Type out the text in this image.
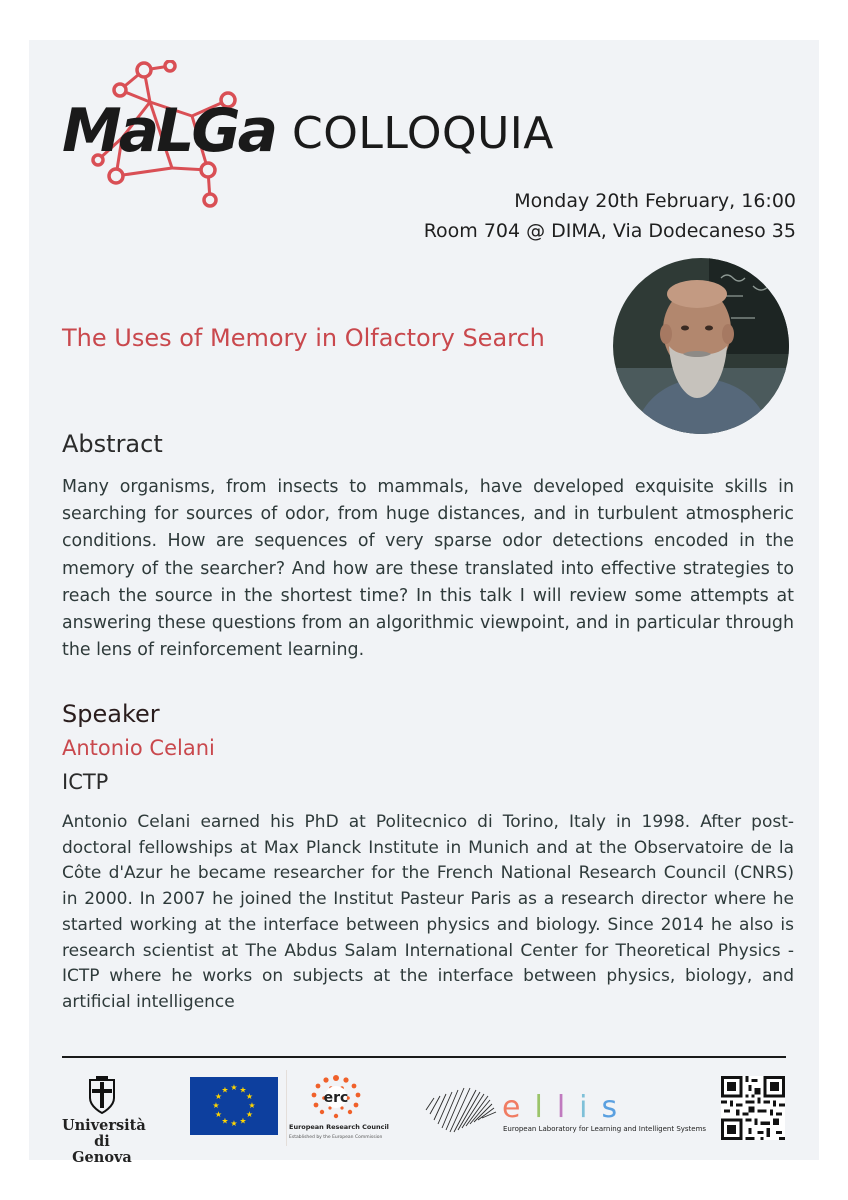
MaLGa COLLOQUIA
Monday 20th February, 16:00
Room 704 @ DIMA, Via Dodecaneso 35
The Uses of Memory in Olfactory Search
Abstract
Many organisms, from insects to mammals, have developed exquisite skills in searching for sources of odor, from huge distances, and in turbulent atmospheric conditions. How are sequences of very sparse odor detections encoded in the memory of the searcher? And how are these translated into effective strategies to reach the source in the shortest time? In this talk I will review some attempts at answering these questions from an algorithmic viewpoint, and in particular through the lens of reinforcement learning.
Speaker
Antonio Celani
ICTP
Antonio Celani earned his PhD at Politecnico di Torino, Italy in 1998. After post-doctoral fellowships at Max Planck Institute in Munich and at the Observatoire de la Côte d'Azur he became researcher for the French National Research Council (CNRS) in 2000. In 2007 he joined the Institut Pasteur Paris as a research director where he started working at the interface between physics and biology. Since 2014 he also is research scientist at The Abdus Salam International Center for Theoretical Physics - ICTP where he works on subjects at the interface between physics, biology, and artificial intelligence
Università
di Genova
★ ★
★
★
★
★
★
★
★
★
★
★	erc
European Research Council
Established by the European Commission
ellis
European Laboratory for Learning and Intelligent Systems
